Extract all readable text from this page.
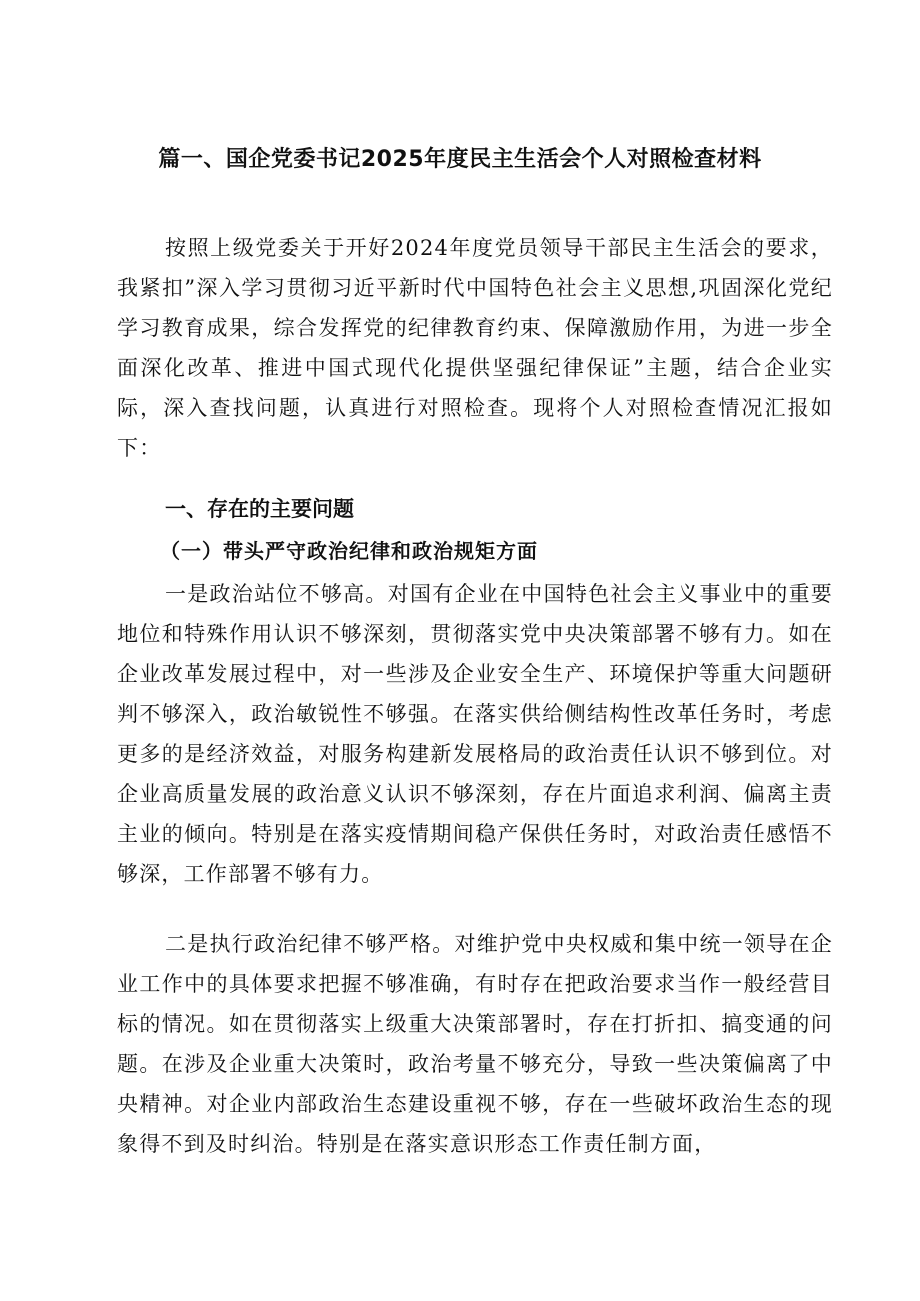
篇一、国企党委书记2025年度民主生活会个人对照检查材料

按照上级党委关于开好2024年度党员领导干部民主生活会的要求，我紧扣”深入学习贯彻习近平新时代中国特色社会主义思想,巩固深化党纪学习教育成果，综合发挥党的纪律教育约束、保障激励作用，为进一步全面深化改革、推进中国式现代化提供坚强纪律保证”主题，结合企业实际，深入查找问题，认真进行对照检查。现将个人对照检查情况汇报如下：

一、存在的主要问题
（一）带头严守政治纪律和政治规矩方面

一是政治站位不够高。对国有企业在中国特色社会主义事业中的重要地位和特殊作用认识不够深刻，贯彻落实党中央决策部署不够有力。如在企业改革发展过程中，对一些涉及企业安全生产、环境保护等重大问题研判不够深入，政治敏锐性不够强。在落实供给侧结构性改革任务时，考虑更多的是经济效益，对服务构建新发展格局的政治责任认识不够到位。对企业高质量发展的政治意义认识不够深刻，存在片面追求利润、偏离主责主业的倾向。特别是在落实疫情期间稳产保供任务时，对政治责任感悟不够深，工作部署不够有力。

二是执行政治纪律不够严格。对维护党中央权威和集中统一领导在企业工作中的具体要求把握不够准确，有时存在把政治要求当作一般经营目标的情况。如在贯彻落实上级重大决策部署时，存在打折扣、搞变通的问题。在涉及企业重大决策时，政治考量不够充分，导致一些决策偏离了中央精神。对企业内部政治生态建设重视不够，存在一些破坏政治生态的现象得不到及时纠治。特别是在落实意识形态工作责任制方面，
